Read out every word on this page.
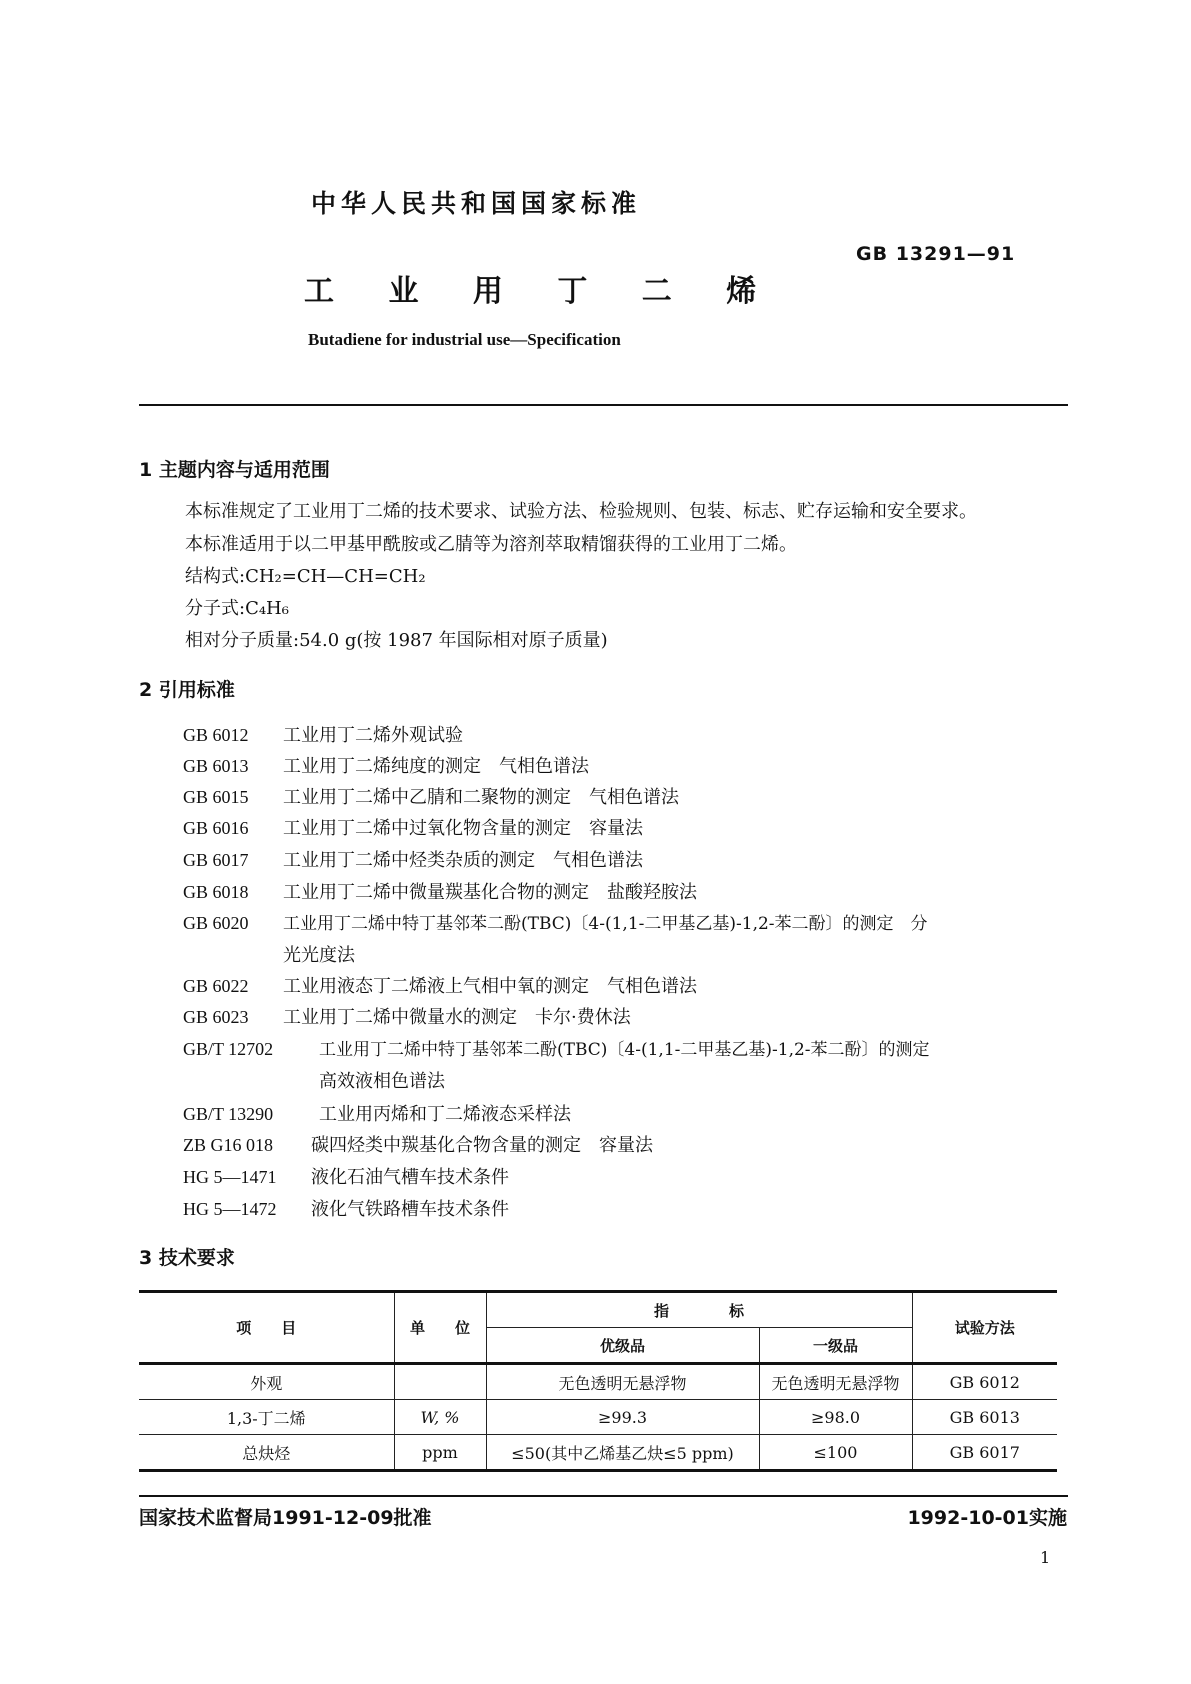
中华人民共和国国家标准
GB 13291—91
工 业 用 丁 二 烯
Butadiene for industrial use—Specification
1 主题内容与适用范围
本标准规定了工业用丁二烯的技术要求、试验方法、检验规则、包装、标志、贮存运输和安全要求。
本标准适用于以二甲基甲酰胺或乙腈等为溶剂萃取精馏获得的工业用丁二烯。
结构式:CH₂=CH—CH=CH₂
分子式:C₄H₆
相对分子质量:54.0 g(按 1987 年国际相对原子质量)
2 引用标准
GB 6012 工业用丁二烯外观试验
GB 6013 工业用丁二烯纯度的测定　气相色谱法
GB 6015 工业用丁二烯中乙腈和二聚物的测定　气相色谱法
GB 6016 工业用丁二烯中过氧化物含量的测定　容量法
GB 6017 工业用丁二烯中烃类杂质的测定　气相色谱法
GB 6018 工业用丁二烯中微量羰基化合物的测定　盐酸羟胺法
GB 6020 工业用丁二烯中特丁基邻苯二酚(TBC)〔4-(1,1-二甲基乙基)-1,2-苯二酚〕的测定　分
光光度法
GB 6022 工业用液态丁二烯液上气相中氧的测定　气相色谱法
GB 6023 工业用丁二烯中微量水的测定　卡尔·费休法
GB/T 12702	工业用丁二烯中特丁基邻苯二酚(TBC)〔4-(1,1-二甲基乙基)-1,2-苯二酚〕的测定
高效液相色谱法
GB/T 13290	工业用丙烯和丁二烯液态采样法
ZB G16 018 碳四烃类中羰基化合物含量的测定　容量法
HG 5—1471 液化石油气槽车技术条件
HG 5—1472 液化气铁路槽车技术条件
3 技术要求
项　　目	单　　位	指　　　　标		试验方法
		优级品	一级品	
外观		无色透明无悬浮物	无色透明无悬浮物	GB 6012
1,3-丁二烯	W, %	≥99.3	≥98.0	GB 6013
总炔烃	ppm	≤50(其中乙烯基乙炔≤5 ppm)	≤100	GB 6017
国家技术监督局1991-12-09批准	1992-10-01实施
1
